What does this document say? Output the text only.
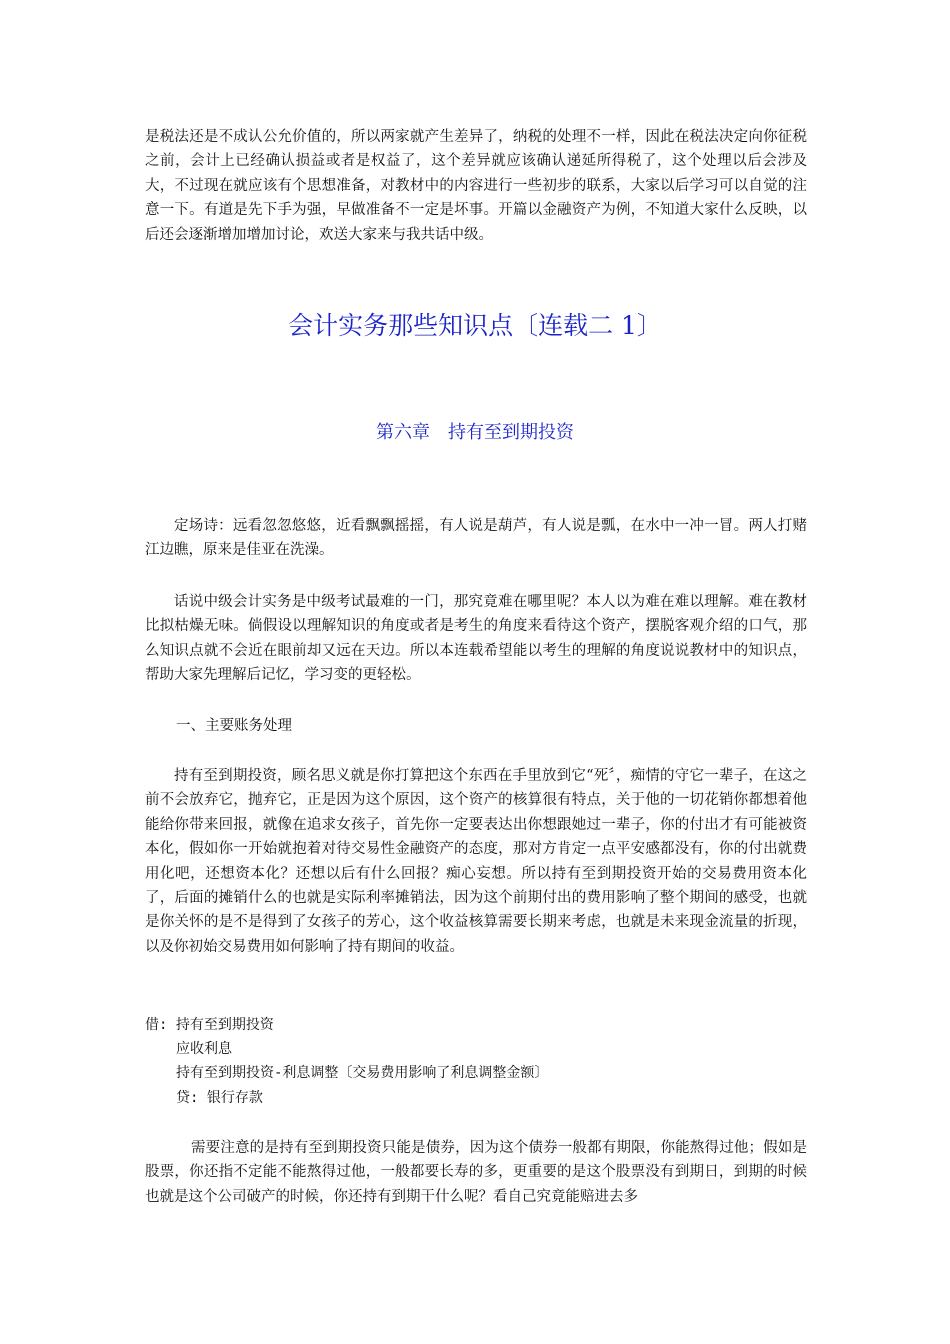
是税法还是不成认公允价值的，所以两家就产生差异了，纳税的处理不一样，因此在税法决定向你征税之前，会计上已经确认损益或者是权益了，这个差异就应该确认递延所得税了，这个处理以后会涉及大，不过现在就应该有个思想准备，对教材中的内容进行一些初步的联系，大家以后学习可以自觉的注意一下。有道是先下手为强，早做准备不一定是坏事。开篇以金融资产为例，不知道大家什么反映，以后还会逐渐增加增加讨论，欢送大家来与我共话中级。
会计实务那些知识点〔连载二 1〕
第六章　持有至到期投资
定场诗：远看忽忽悠悠，近看飘飘摇摇，有人说是葫芦，有人说是瓢，在水中一冲一冒。两人打赌江边瞧，原来是佳亚在洗澡。
话说中级会计实务是中级考试最难的一门，那究竟难在哪里呢？本人以为难在难以理解。难在教材比拟枯燥无味。倘假设以理解知识的角度或者是考生的角度来看待这个资产，摆脱客观介绍的口气，那么知识点就不会近在眼前却又远在天边。所以本连载希望能以考生的理解的角度说说教材中的知识点，帮助大家先理解后记忆，学习变的更轻松。
一、主要账务处理
持有至到期投资，顾名思义就是你打算把这个东西在手里放到它“死〞，痴情的守它一辈子，在这之前不会放弃它，抛弃它，正是因为这个原因，这个资产的核算很有特点，关于他的一切花销你都想着他能给你带来回报，就像在追求女孩子，首先你一定要表达出你想跟她过一辈子，你的付出才有可能被资本化，假如你一开始就抱着对待交易性金融资产的态度，那对方肯定一点平安感都没有，你的付出就费用化吧，还想资本化？还想以后有什么回报？痴心妄想。所以持有至到期投资开始的交易费用资本化了，后面的摊销什么的也就是实际利率摊销法，因为这个前期付出的费用影响了整个期间的感受，也就是你关怀的是不是得到了女孩子的芳心，这个收益核算需要长期来考虑，也就是未来现金流量的折现，以及你初始交易费用如何影响了持有期间的收益。
借: 持有至到期投资
应收利息
持有至到期投资-利息调整〔交易费用影响了利息调整金额〕
贷: 银行存款
需要注意的是持有至到期投资只能是债券，因为这个债券一般都有期限，你能熬得过他；假如是股票，你还指不定能不能熬得过他，一般都要长寿的多，更重要的是这个股票没有到期日，到期的时候也就是这个公司破产的时候，你还持有到期干什么呢？看自己究竟能赔进去多
